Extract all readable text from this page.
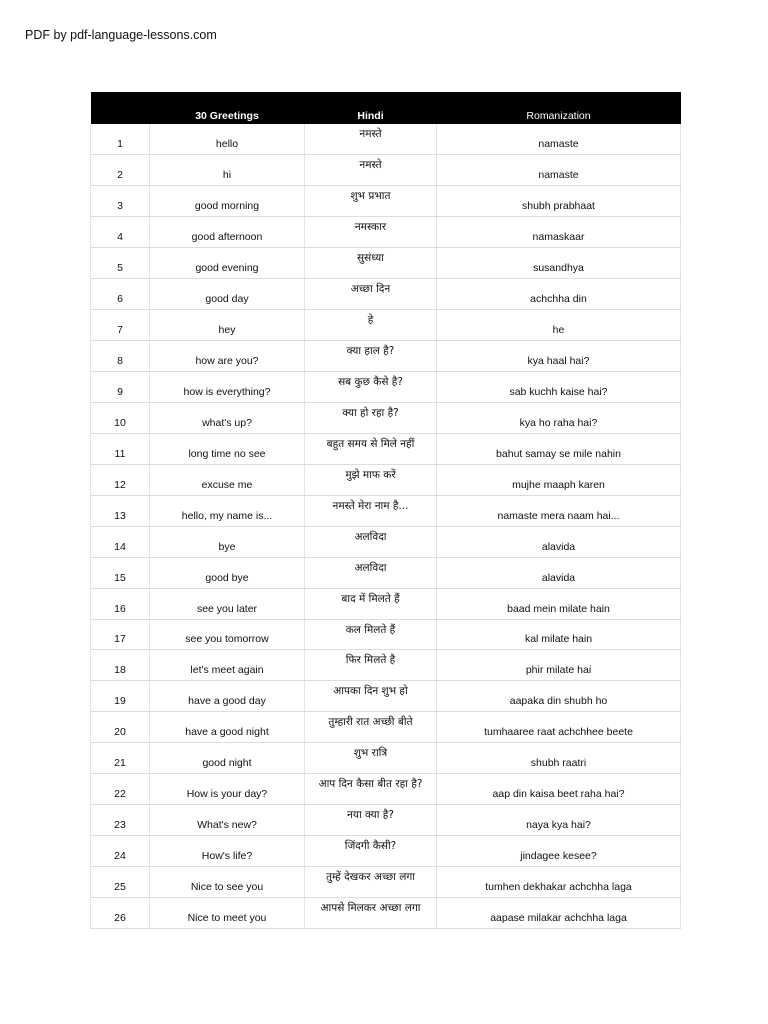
PDF by pdf-language-lessons.com
	30 Greetings	Hindi	Romanization
1	hello	नमस्ते	namaste
2	hi	नमस्ते	namaste
3	good morning	शुभ प्रभात	shubh prabhaat
4	good afternoon	नमस्कार	namaskaar
5	good evening	सुसंध्या	susandhya
6	good day	अच्छा दिन	achchha din
7	hey	हे	he
8	how are you?	क्या हाल है?	kya haal hai?
9	how is everything?	सब कुछ कैसे है?	sab kuchh kaise hai?
10	what's up?	क्या हो रहा है?	kya ho raha hai?
11	long time no see	बहुत समय से मिले नहीं	bahut samay se mile nahin
12	excuse me	मुझे माफ करें	mujhe maaph karen
13	hello, my name is...	नमस्ते मेरा नाम है...	namaste mera naam hai...
14	bye	अलविदा	alavida
15	good bye	अलविदा	alavida
16	see you later	बाद में मिलते हैं	baad mein milate hain
17	see you tomorrow	कल मिलते हैं	kal milate hain
18	let's meet again	फिर मिलते है	phir milate hai
19	have a good day	आपका दिन शुभ हो	aapaka din shubh ho
20	have a good night	तुम्हारी रात अच्छी बीते	tumhaaree raat achchhee beete
21	good night	शुभ रात्रि	shubh raatri
22	How is your day?	आप दिन कैसा बीत रहा है?	aap din kaisa beet raha hai?
23	What's new?	नया क्या है?	naya kya hai?
24	How's life?	जिंदगी कैसी?	jindagee kesee?
25	Nice to see you	तुम्हें देखकर अच्छा लगा	tumhen dekhakar achchha laga
26	Nice to meet you	आपसे मिलकर अच्छा लगा	aapase milakar achchha laga
